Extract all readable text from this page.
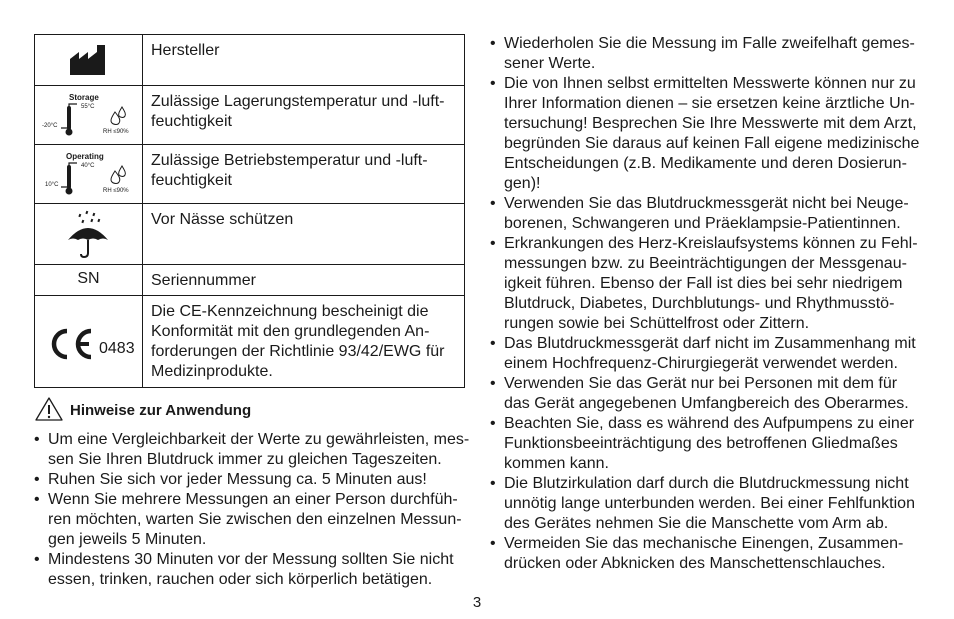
	Hersteller

Storage
55°C
-20°C
RH ≤90%	Zulässige Lagerungstemperatur und -luft-
feuchtigkeit

Operating
40°C
10°C
RH ≤90%	Zulässige Betriebstemperatur und -luft-
feuchtigkeit

	Vor Nässe schützen

SN	Seriennummer

0483	Die CE-Kennzeichnung bescheinigt die
Konformität mit den grundlegenden An-
forderungen der Richtlinie 93/42/EWG für
Medizinprodukte.
Hinweise zur Anwendung
• Um eine Vergleichbarkeit der Werte zu gewährleisten, mes-
sen Sie Ihren Blutdruck immer zu gleichen Tageszeiten.
• Ruhen Sie sich vor jeder Messung ca. 5 Minuten aus!
• Wenn Sie mehrere Messungen an einer Person durchfüh-
ren möchten, warten Sie zwischen den einzelnen Messun-
gen jeweils 5 Minuten.
• Mindestens 30 Minuten vor der Messung sollten Sie nicht
essen, trinken, rauchen oder sich körperlich betätigen.
• Wiederholen Sie die Messung im Falle zweifelhaft gemes-
sener Werte.
• Die von Ihnen selbst ermittelten Messwerte können nur zu
Ihrer Information dienen – sie ersetzen keine ärztliche Un-
tersuchung! Besprechen Sie Ihre Messwerte mit dem Arzt,
begründen Sie daraus auf keinen Fall eigene medizinische
Entscheidungen (z.B. Medikamente und deren Dosierun-
gen)!
• Verwenden Sie das Blutdruckmessgerät nicht bei Neuge-
borenen, Schwangeren und Präeklampsie-Patientinnen.
• Erkrankungen des Herz-Kreislaufsystems können zu Fehl-
messungen bzw. zu Beeinträchtigungen der Messgenau-
igkeit führen. Ebenso der Fall ist dies bei sehr niedrigem
Blutdruck, Diabetes, Durchblutungs- und Rhythmusstö-
rungen sowie bei Schüttelfrost oder Zittern.
• Das Blutdruckmessgerät darf nicht im Zusammenhang mit
einem Hochfrequenz-Chirurgiegerät verwendet werden.
• Verwenden Sie das Gerät nur bei Personen mit dem für
das Gerät angegebenen Umfangbereich des Oberarmes.
• Beachten Sie, dass es während des Aufpumpens zu einer
Funktionsbeeinträchtigung des betroffenen Gliedmaßes
kommen kann.
• Die Blutzirkulation darf durch die Blutdruckmessung nicht
unnötig lange unterbunden werden. Bei einer Fehlfunktion
des Gerätes nehmen Sie die Manschette vom Arm ab.
• Vermeiden Sie das mechanische Einengen, Zusammen-
drücken oder Abknicken des Manschettenschlauches.
3
